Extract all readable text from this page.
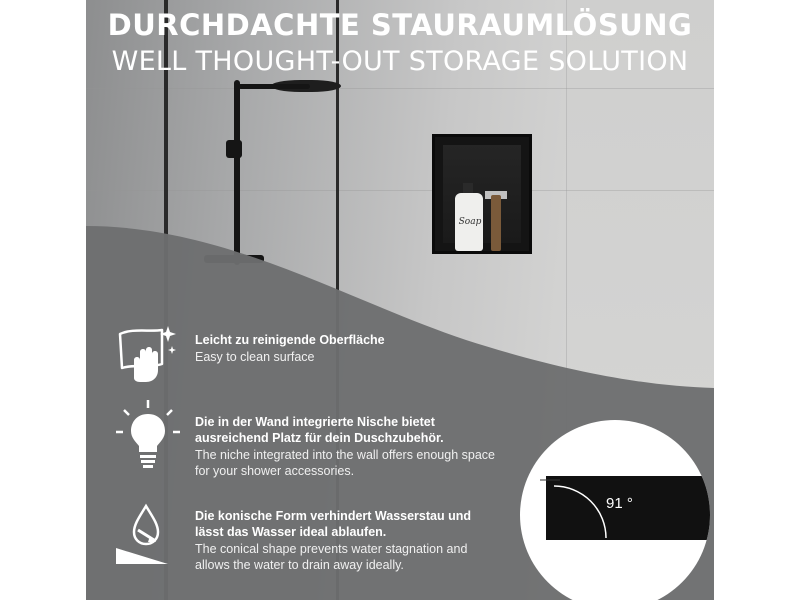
Soap
DURCHDACHTE STAURAUMLÖSUNG
WELL THOUGHT-OUT STORAGE SOLUTION
Leicht zu reinigende Oberfläche
Easy to clean surface
Die in der Wand integrierte Nische bietet ausreichend Platz für dein Duschzubehör.
The niche integrated into the wall offers enough space for your shower accessories.
Die konische Form verhindert Wasserstau und lässt das Wasser ideal ablaufen.
The conical shape prevents water stagnation and allows the water to drain away ideally.
91 °
